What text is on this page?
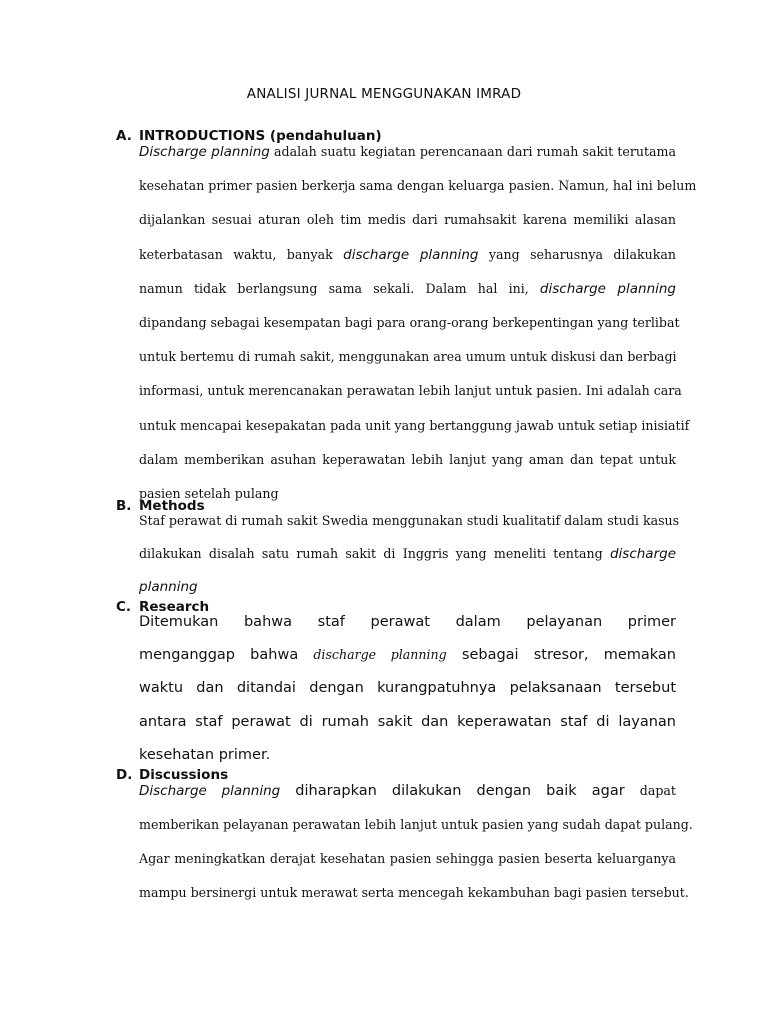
ANALISI JURNAL MENGGUNAKAN IMRAD
A. INTRODUCTIONS (pendahuluan)
Discharge planning adalah suatu kegiatan perencanaan dari rumah sakit terutama
kesehatan primer pasien berkerja sama dengan keluarga pasien. Namun, hal ini belum
dijalankan sesuai aturan oleh tim medis dari rumahsakit karena memiliki alasan
keterbatasan waktu, banyak discharge planning yang seharusnya dilakukan
namun tidak berlangsung sama sekali. Dalam hal ini, discharge planning
dipandang sebagai kesempatan bagi para orang-orang berkepentingan yang terlibat
untuk bertemu di rumah sakit, menggunakan area umum untuk diskusi dan berbagi
informasi, untuk merencanakan perawatan lebih lanjut untuk pasien. Ini adalah cara
untuk mencapai kesepakatan pada unit yang bertanggung jawab untuk setiap inisiatif
dalam memberikan asuhan keperawatan lebih lanjut yang aman dan tepat untuk
pasien setelah pulang
B. Methods
Staf perawat di rumah sakit Swedia menggunakan studi kualitatif dalam studi kasus
dilakukan disalah satu rumah sakit di Inggris yang meneliti tentang discharge
planning
C. Research
Ditemukan bahwa staf perawat dalam pelayanan primer
menganggap bahwa discharge planning sebagai stresor, memakan
waktu dan ditandai dengan kurangpatuhnya pelaksanaan tersebut
antara staf perawat di rumah sakit dan keperawatan staf di layanan
kesehatan primer.
D. Discussions
Discharge planning diharapkan dilakukan dengan baik agar dapat
memberikan pelayanan perawatan lebih lanjut untuk pasien yang sudah dapat pulang.
Agar meningkatkan derajat kesehatan pasien sehingga pasien beserta keluarganya
mampu bersinergi untuk merawat serta mencegah kekambuhan bagi pasien tersebut.
